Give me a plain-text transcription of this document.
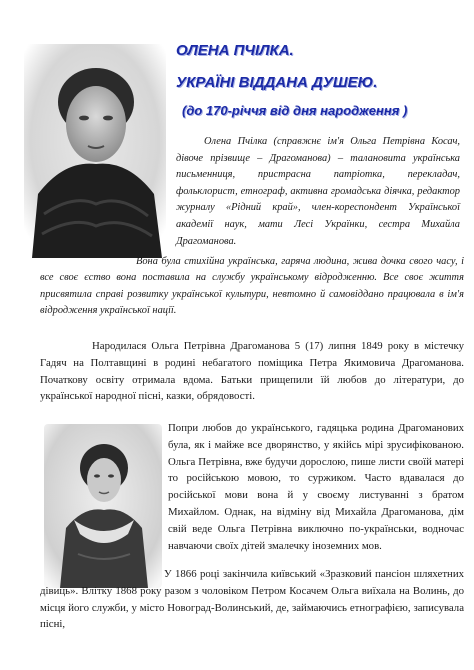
ОЛЕНА ПЧІЛКА.
УКРАЇНІ ВІДДАНА ДУШЕЮ.
(до 170-річчя від дня народження )
Олена Пчілка (справжнє ім'я Ольга Петрівна Косач, дівоче прізвище – Драгоманова) – талановита українська письменниця, пристрасна патріотка, перекладач, фольклорист, етнограф, активна громадська діячка, редактор журналу «Рідний край», член-кореспондент Української академії наук, мати Лесі Українки, сестра Михайла Драгоманова.
Вона була стихійна українська, гаряча людина, жива дочка свого часу, і все своє єство вона поставила на службу українському відродженню. Все своє життя присвятила справі розвитку української культури, невтомно й самовіддано працювала в ім'я відродження української нації.
Народилася Ольга Петрівна Драгоманова 5 (17) липня 1849 року в містечку Гадяч на Полтавщині в родині небагатого поміщика Петра Якимовича Драгоманова. Початкову освіту отримала вдома. Батьки прищепили їй любов до літератури, до української народної пісні, казки, обрядовості.
Попри любов до українського, гадяцька родина Драгоманових була, як і майже все дворянство, у якійсь мірі зрусифікованою. Ольга Петрівна, вже будучи дорослою, пише листи своїй матері то російською мовою, то суржиком. Часто вдавалася до російської мови вона й у своєму листуванні з братом Михайлом. Однак, на відміну від Михайла Драгоманова, дім свій веде Ольга Петрівна виключно по-українськи, водночас навчаючи своїх дітей змалечку іноземних мов.
У 1866 році закінчила київський «Зразковий пансіон шляхетних дівиць». Влітку 1868 року разом з чоловіком Петром Косачем Ольга виїхала на Волинь, до місця його служби, у місто Новоград-Волинський, де, займаючись етнографією, записувала пісні,
